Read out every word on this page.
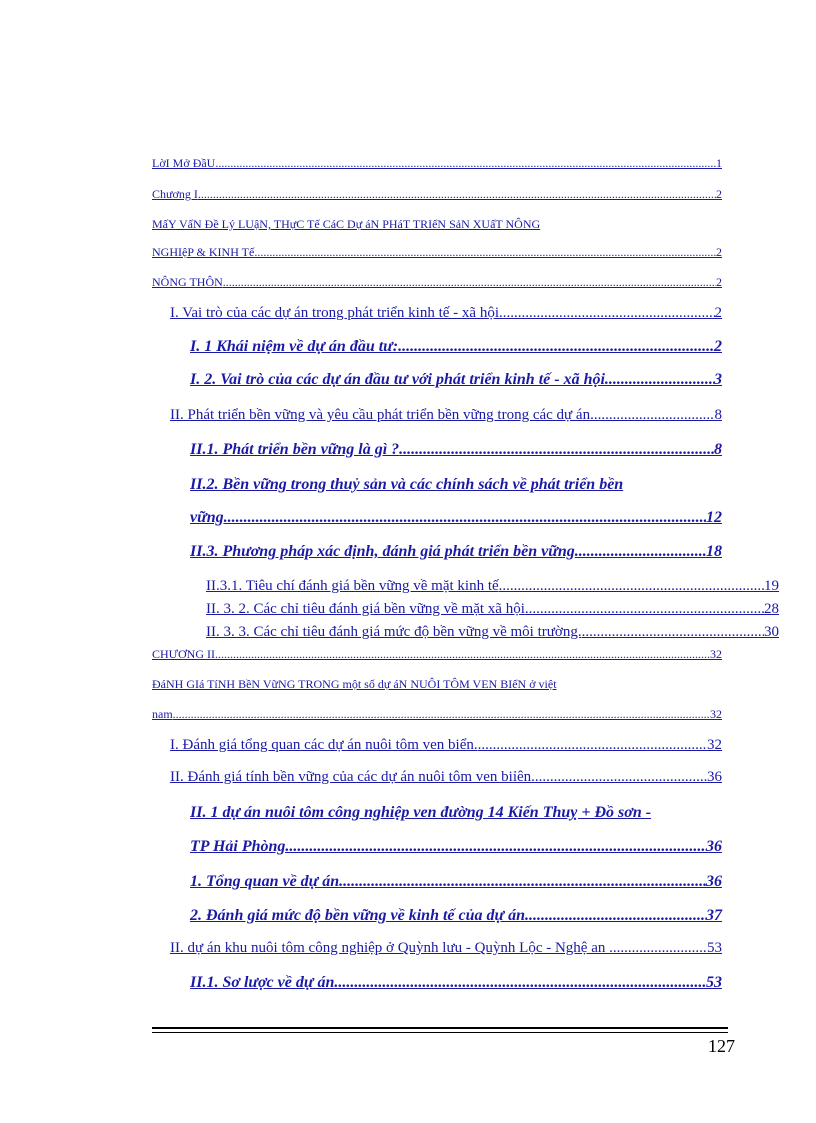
LờI Mở ĐầU .....	1
Chương I .....	2
MấY VấN Đề Lý LUậN, THựC Tế CáC Dự áN PHáT TRIểN SảN XUấT NÔNG
NGHIệP & KINH Tế .....	2
NÔNG THÔN .....	2
I. Vai trò của các dự án trong phát triển kinh tế - xã hội .....	2
I. 1 Khái niệm về dự án đầu tư: .....	2
I. 2. Vai trò của các dự án đầu tư với phát triển kinh tế - xã hội .....	3
II. Phát triển bền vững và yêu cầu phát triển bền vững trong các dự án .....	8
II.1. Phát triển bền vững là gì ? .....	8
II.2. Bền vững trong thuỷ sản và các chính sách về phát triển bền
vững .....	12
II.3. Phương pháp xác định, đánh giá phát triển bền vững .....	18
II.3.1. Tiêu chí đánh giá bền vững về mặt kinh tế .....	19
II. 3. 2. Các chỉ tiêu đánh giá bền vững về mặt xã hội .....	28
II. 3. 3. Các chỉ tiêu đánh giá mức độ bền vững về môi trường. .....	30
CHƯƠNG II .....	32
ĐáNH GIá TíNH BềN VữNG TRONG một số dự áN NUÔI TÔM VEN BIểN ở việt
nam .....	32
I. Đánh giá tổng quan các dự án nuôi tôm ven biển. .....	32
II. Đánh giá tính bền vững của các dự án nuôi tôm ven biỉên. .....	36
II. 1 dự án nuôi tôm công nghiệp ven đường 14 Kiến Thuỵ + Đồ sơn -
TP Hải Phòng. .....	36
1. Tổng quan về dự án .....	36
2. Đánh giá mức độ bền vững về kinh tế của dự án .....	37
II. dự án khu nuôi tôm công nghiệp ở Quỳnh lưu - Quỳnh Lộc - Nghệ an . .....	53
II.1. Sơ lược về dự án .....	53
127
